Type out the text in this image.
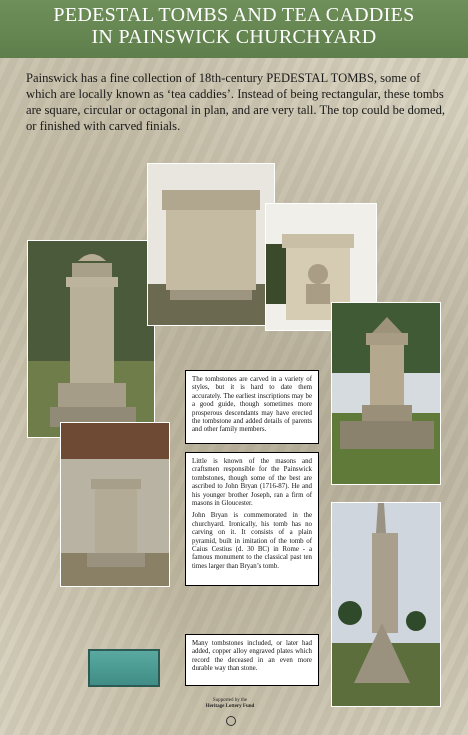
PEDESTAL TOMBS AND TEA CADDIES
IN PAINSWICK CHURCHYARD
Painswick has a fine collection of 18th-century PEDESTAL TOMBS, some of which are locally known as ‘tea caddies’. Instead of being rectangular, these tombs are square, circular or octagonal in plan, and are very tall. The top could be domed, or finished with carved finials.

The tombstones are carved in a variety of styles, but it is hard to date them accurately. The earliest inscriptions may be a good guide, though sometimes more prosperous descendants may have erected the tombstone and added details of parents and other family members.

Little is known of the masons and craftsmen responsible for the Painswick tombstones, though some of the best are ascribed to John Bryan (1716-87). He and his younger brother Joseph, ran a firm of masons in Gloucester.

John Bryan is commemorated in the churchyard. Ironically, his tomb has no carving on it. It consists of a plain pyramid, built in imitation of the tomb of Caius Cestius (d. 30 BC) in Rome - a famous monument to the classical past ten times larger than Bryan’s tomb.

Many tombstones included, or later had added, copper alloy engraved plates which record the deceased in an even more durable way than stone.

Supported by the
Heritage Lottery Fund
